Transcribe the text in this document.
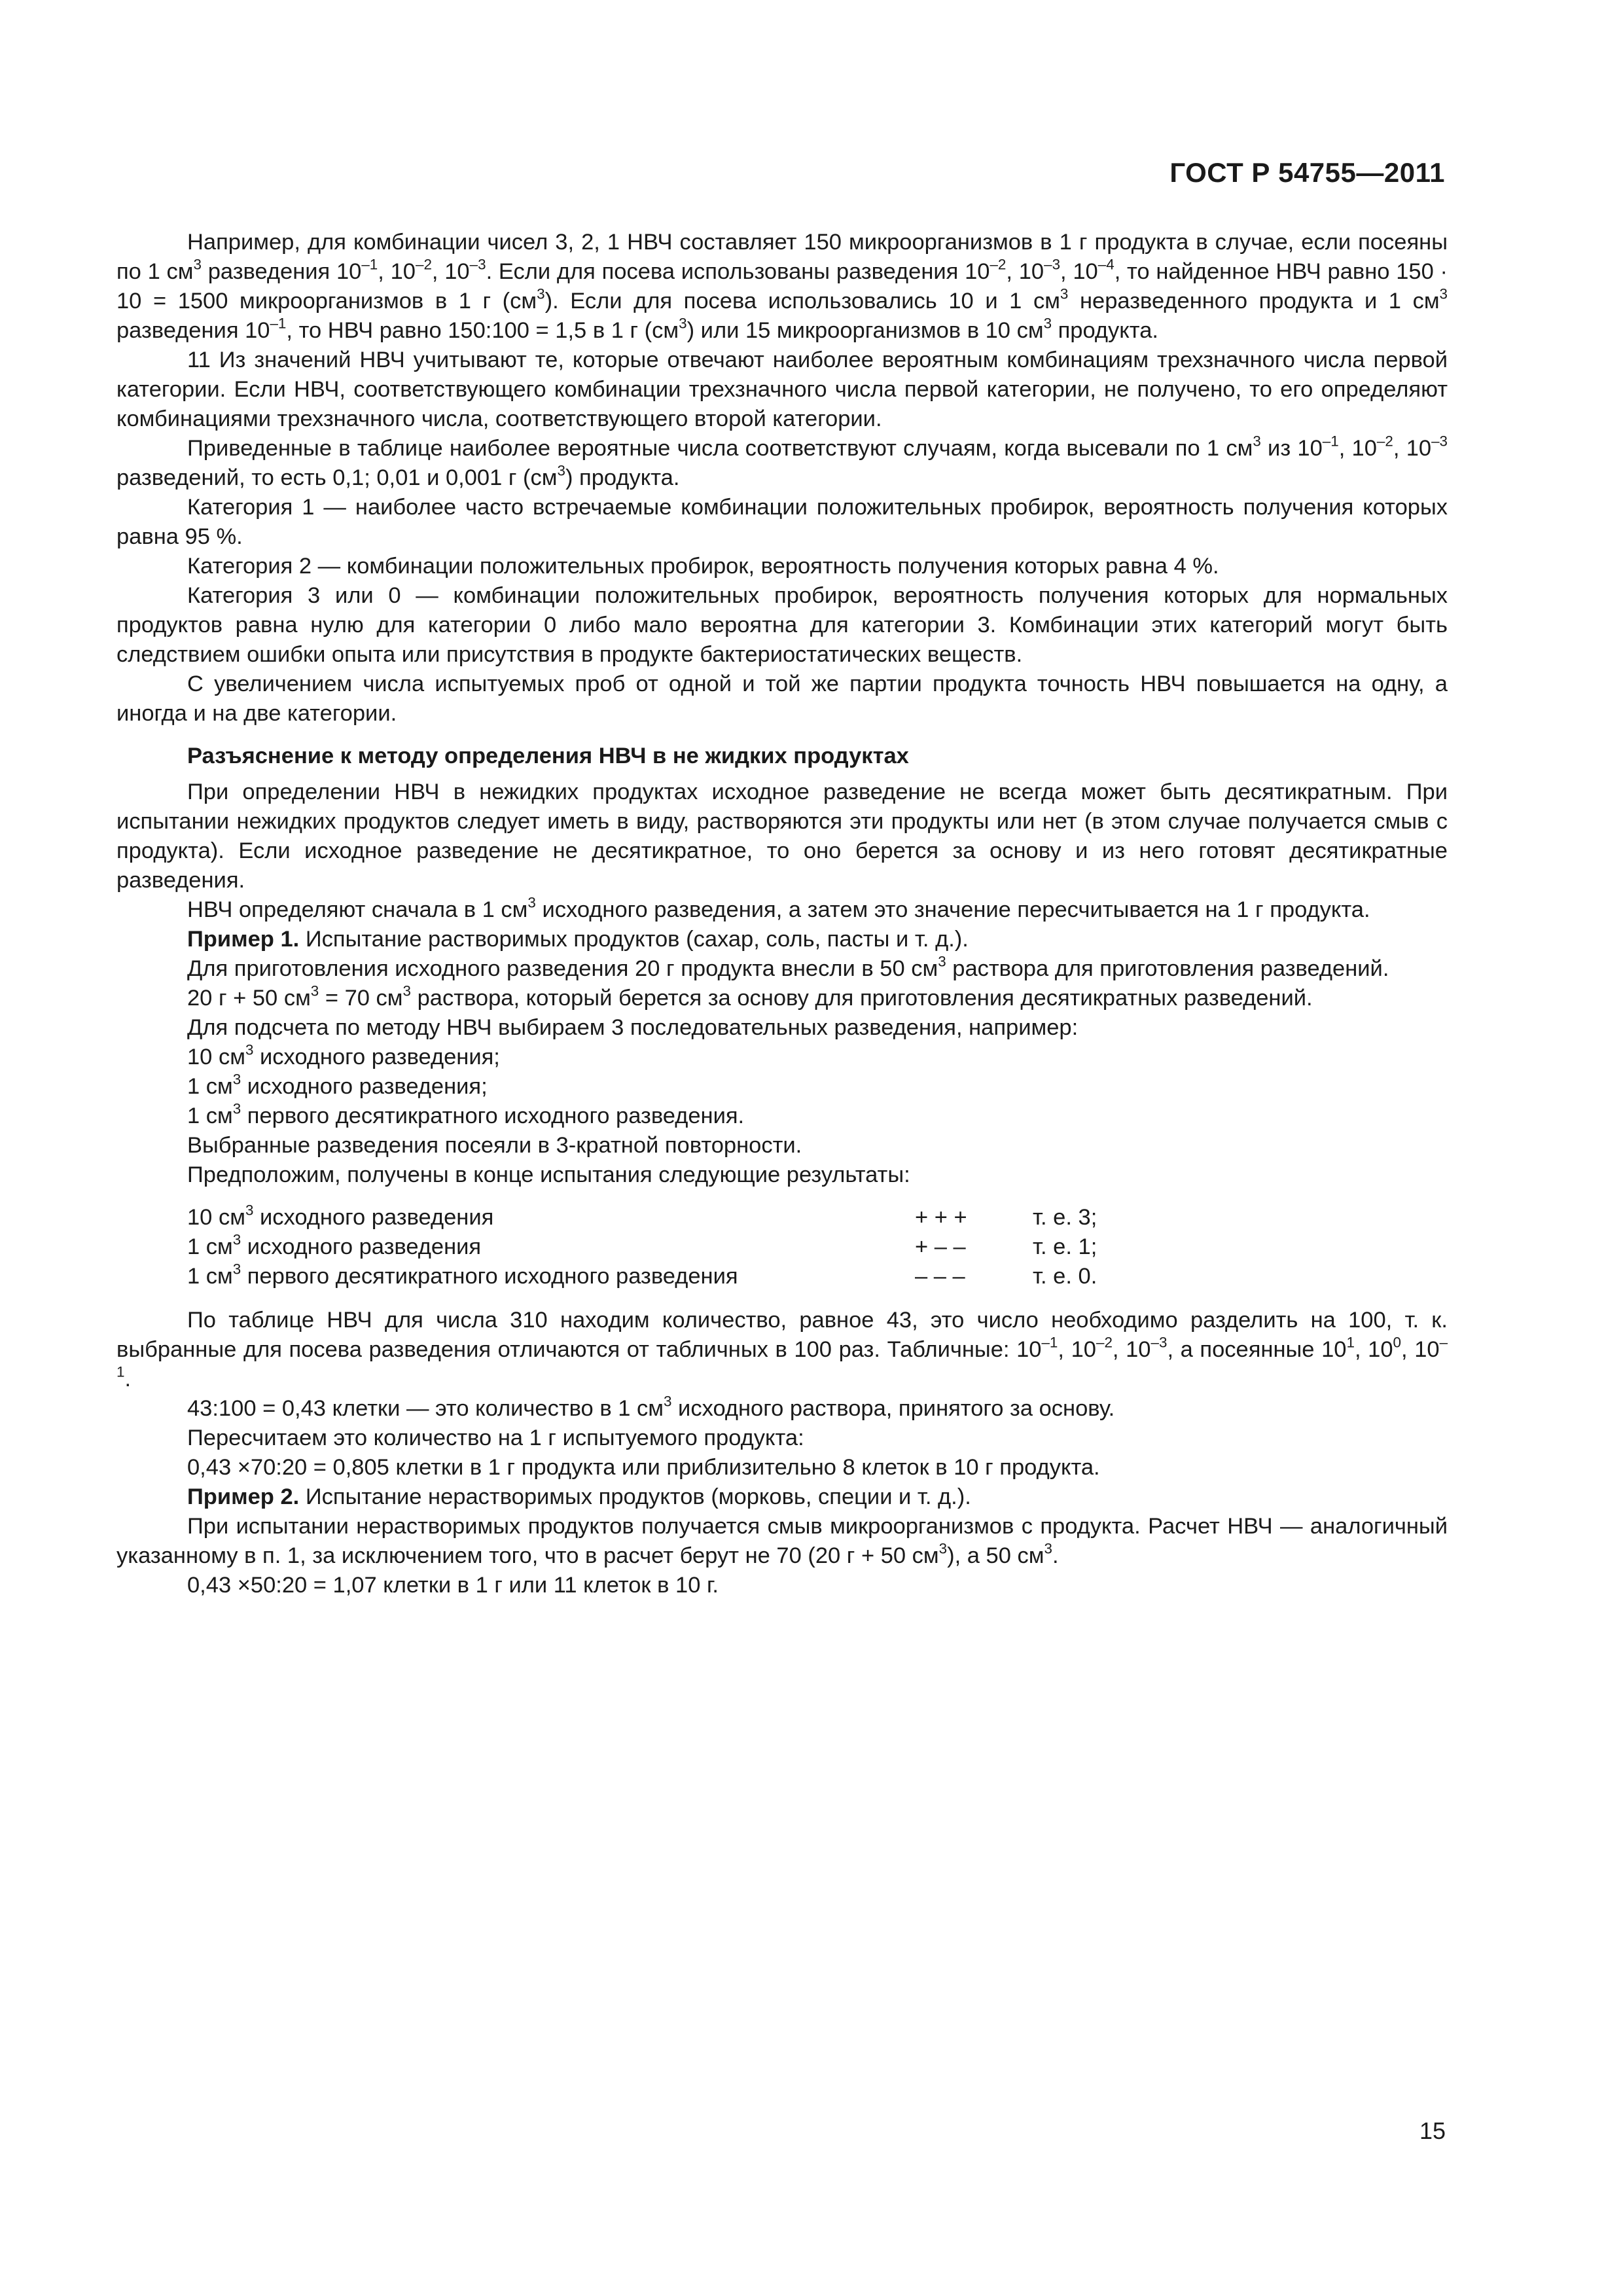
ГОСТ Р 54755—2011

Например, для комбинации чисел 3, 2, 1 НВЧ составляет 150 микроорганизмов в 1 г продукта в случае, если посеяны по 1 $см^3$ разведения $10^{-1}$, $10^{-2}$, $10^{-3}$. Если для посева использованы разведения $10^{-2}$, $10^{-3}$, $10^{-4}$, то найденное НВЧ равно 150 · 10 = 1500 микроорганизмов в 1 г $(см^3)$. Если для посева использовались 10 и 1 $см^3$ неразведенного продукта и 1 $см^3$ разведения $10^{-1}$, то НВЧ равно 150:100 = 1,5 в 1 г $(см^3)$ или 15 микроорганизмов в 10 $см^3$ продукта.

11 Из значений НВЧ учитывают те, которые отвечают наиболее вероятным комбинациям трехзначного числа первой категории. Если НВЧ, соответствующего комбинации трехзначного числа первой категории, не получено, то его определяют комбинациями трехзначного числа, соответствующего второй категории.

Приведенные в таблице наиболее вероятные числа соответствуют случаям, когда высевали по 1 $см^3$ из $10^{-1}$, $10^{-2}$, $10^{-3}$ разведений, то есть 0,1; 0,01 и 0,001 г $(см^3)$ продукта.

Категория 1 — наиболее часто встречаемые комбинации положительных пробирок, вероятность получения которых равна 95 %.

Категория 2 — комбинации положительных пробирок, вероятность получения которых равна 4 %.

Категория 3 или 0 — комбинации положительных пробирок, вероятность получения которых для нормальных продуктов равна нулю для категории 0 либо мало вероятна для категории 3. Комбинации этих категорий могут быть следствием ошибки опыта или присутствия в продукте бактериостатических веществ.

С увеличением числа испытуемых проб от одной и той же партии продукта точность НВЧ повышается на одну, а иногда и на две категории.

Разъяснение к методу определения НВЧ в не жидких продуктах

При определении НВЧ в нежидких продуктах исходное разведение не всегда может быть десятикратным. При испытании нежидких продуктов следует иметь в виду, растворяются эти продукты или нет (в этом случае получается смыв с продукта). Если исходное разведение не десятикратное, то оно берется за основу и из него готовят десятикратные разведения.

НВЧ определяют сначала в 1 $см^3$ исходного разведения, а затем это значение пересчитывается на 1 г продукта.

Пример 1. Испытание растворимых продуктов (сахар, соль, пасты и т. д.).

Для приготовления исходного разведения 20 г продукта внесли в 50 $см^3$ раствора для приготовления разведений.

20 г + 50 $см^3 = 70$ $см^3$ раствора, который берется за основу для приготовления десятикратных разведений.

Для подсчета по методу НВЧ выбираем 3 последовательных разведения, например:

10 $см^3$ исходного разведения;

1 $см^3$ исходного разведения;

1 $см^3$ первого десятикратного исходного разведения.

Выбранные разведения посеяли в 3-кратной повторности.

Предположим, получены в конце испытания следующие результаты:

10 $см^3$ исходного разведения	+ + +	т. е. 3;
1 $см^3$ исходного разведения	+ – –	т. е. 1;
1 $см^3$ первого десятикратного исходного разведения	– – –	т. е. 0.

По таблице НВЧ для числа 310 находим количество, равное 43, это число необходимо разделить на 100, т. к. выбранные для посева разведения отличаются от табличных в 100 раз. Табличные: $10^{-1}$, $10^{-2}$, $10^{-3}$, а посеянные $10^1$, $10^0$, $10^{-1}$.

43:100 = 0,43 клетки — это количество в 1 $см^3$ исходного раствора, принятого за основу.

Пересчитаем это количество на 1 г испытуемого продукта:

0,43 ×70:20 = 0,805 клетки в 1 г продукта или приблизительно 8 клеток в 10 г продукта.

Пример 2. Испытание нерастворимых продуктов (морковь, специи и т. д.).

При испытании нерастворимых продуктов получается смыв микроорганизмов с продукта. Расчет НВЧ — аналогичный указанному в п. 1, за исключением того, что в расчет берут не 70 (20 г + 50 $см^3$), а 50 $см^3$.

0,43 ×50:20 = 1,07 клетки в 1 г или 11 клеток в 10 г.

15
